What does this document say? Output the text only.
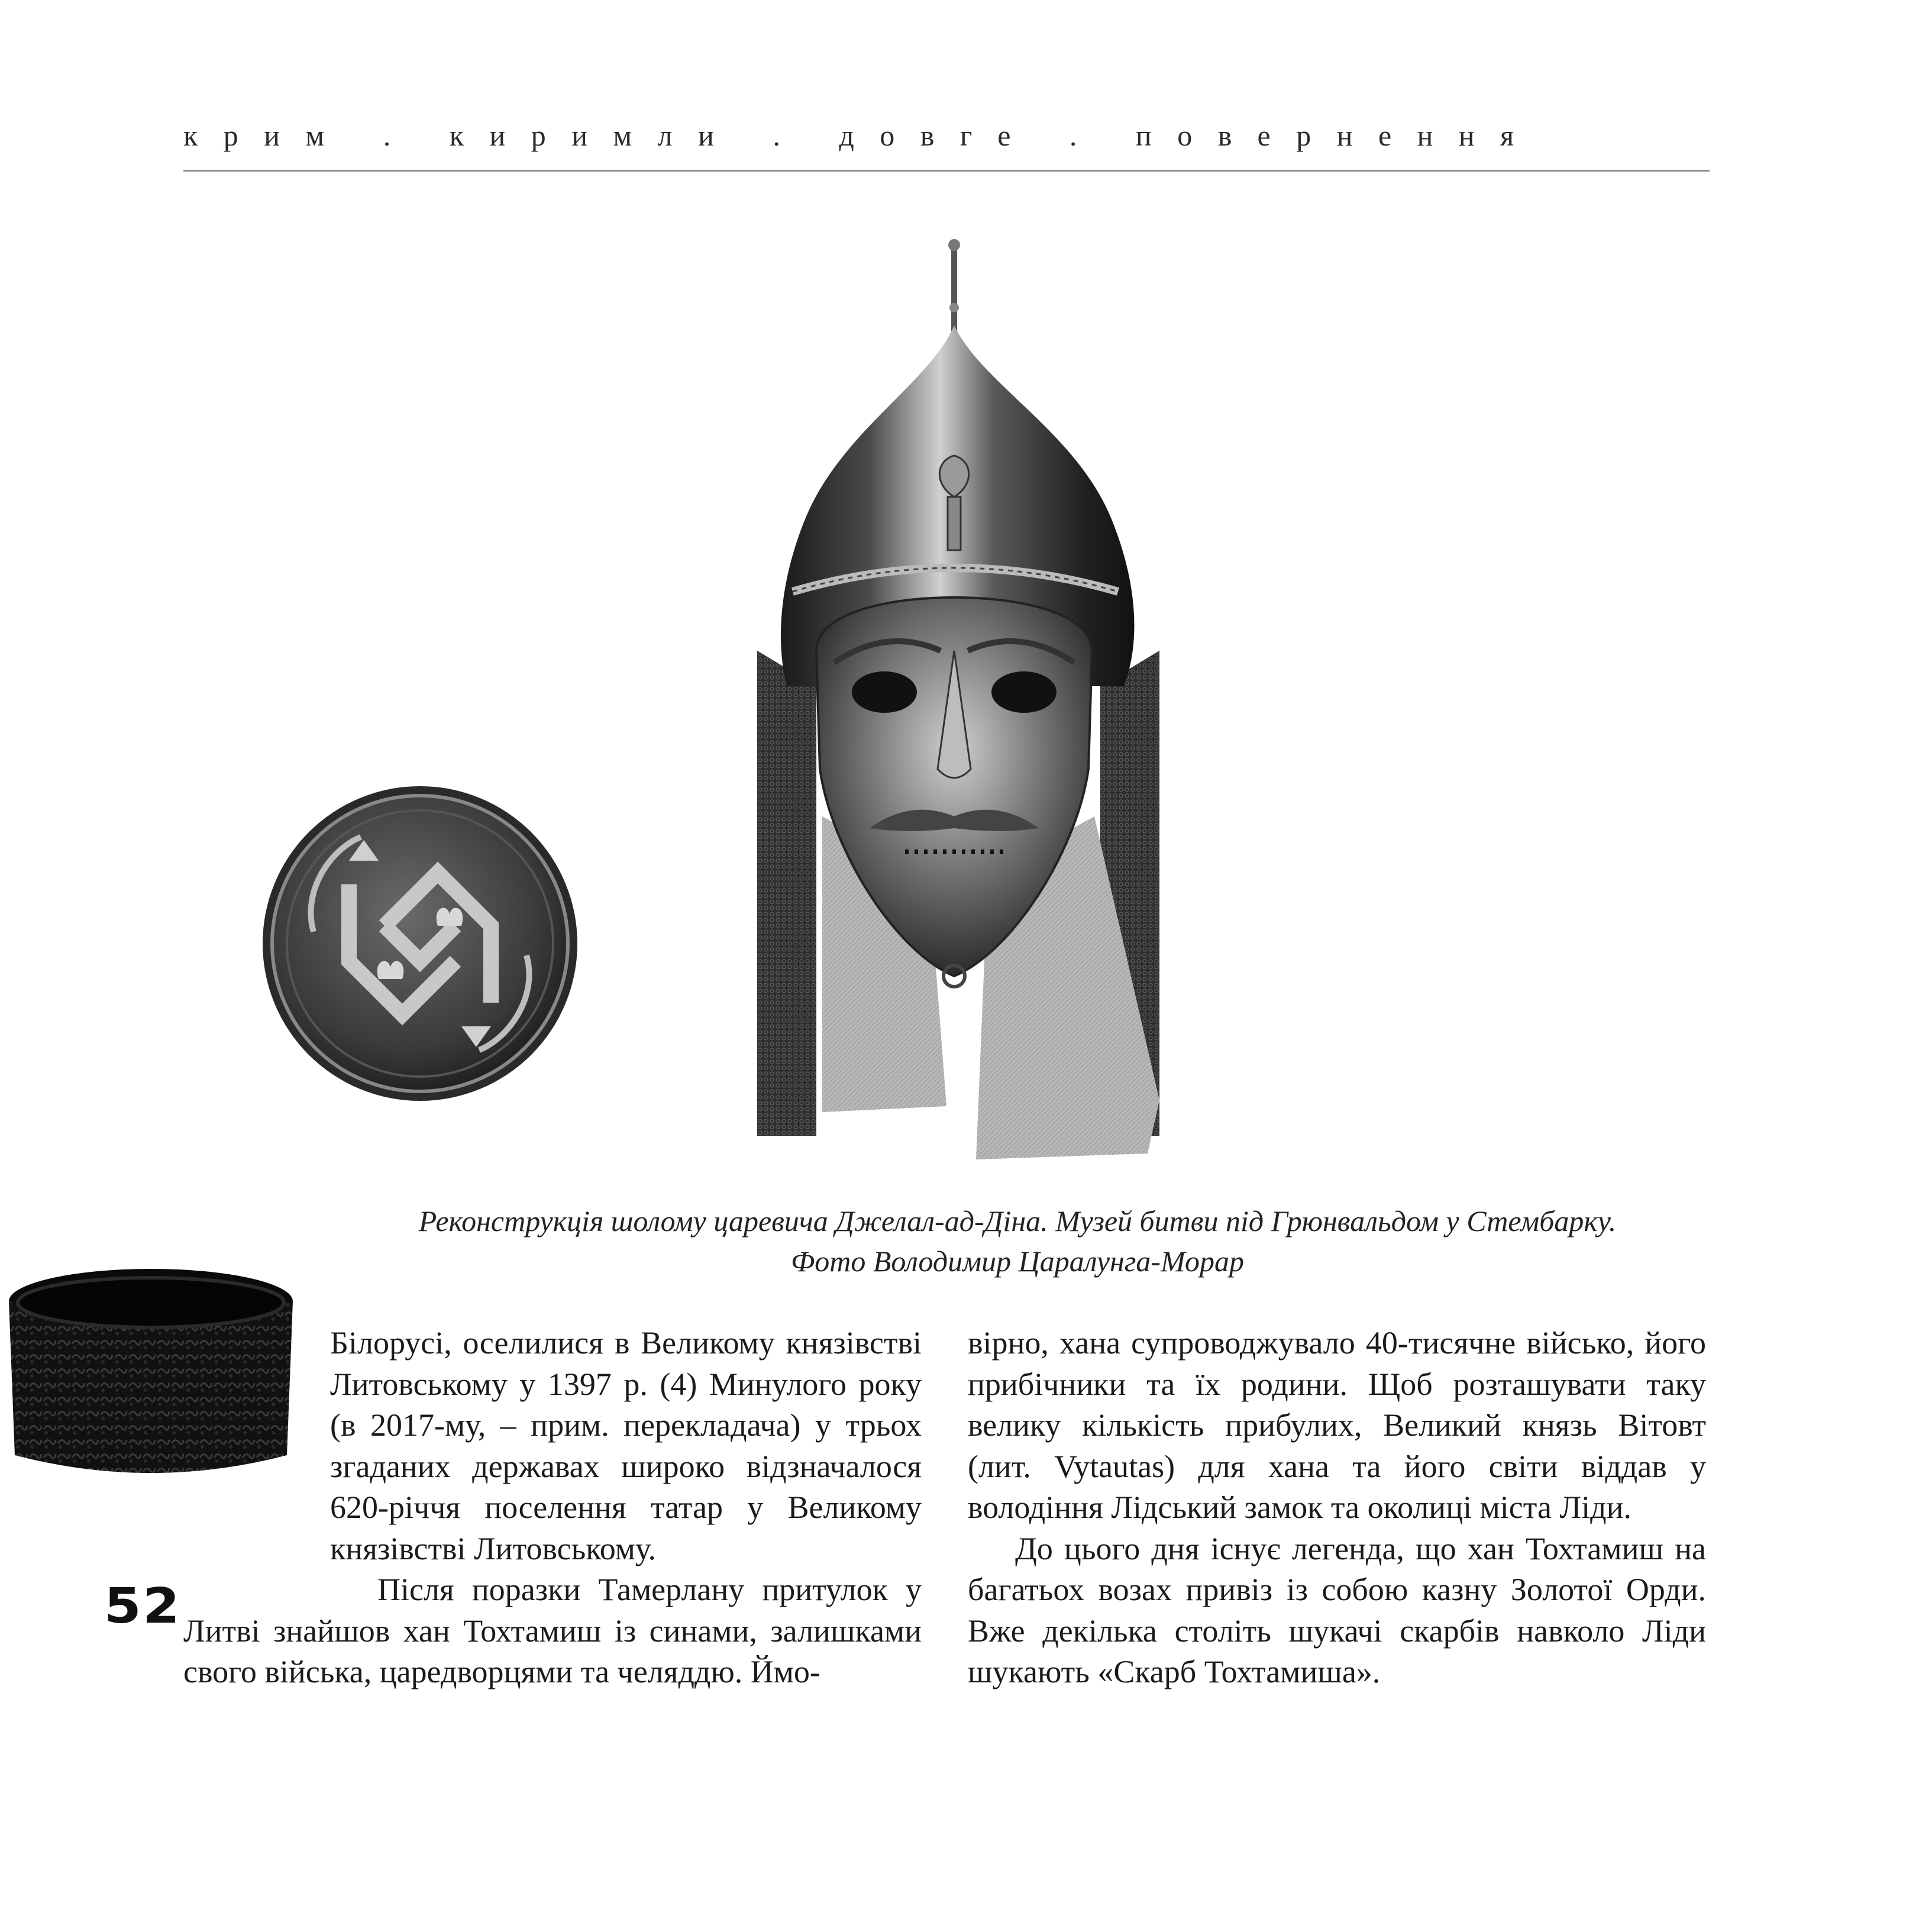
крим . киримли . довге . повернення
Реконструкція шолому царевича Джелал-ад-Діна. Музей битви під Грюнвальдом у Стембарку.
Фото Володимир Царалунга-Морар

Білорусі, оселилися в Великому князівстві Литовському у 1397 р. (4) Минулого року (в 2017-му, – прим. перекладача) у трьох згаданих державах широко відзначалося 620-річчя поселення татар у Великому князівстві Литовському.

Після поразки Тамерлану притулок у Литві знайшов хан Тохтамиш із синами, залишками свого війська, царедворцями та челяддю. Ймо-

вірно, хана супроводжувало 40-тисячне військо, його прибічники та їх родини. Щоб розташувати таку велику кількість прибулих, Великий князь Вітовт (лит. Vytautas) для хана та його світи віддав у володіння Лідський замок та околиці міста Ліди.

До цього дня існує легенда, що хан Тохтамиш на багатьох возах привіз із собою казну Золотої Орди. Вже декілька століть шукачі скарбів навколо Ліди шукають «Скарб Тохтамиша».

52
